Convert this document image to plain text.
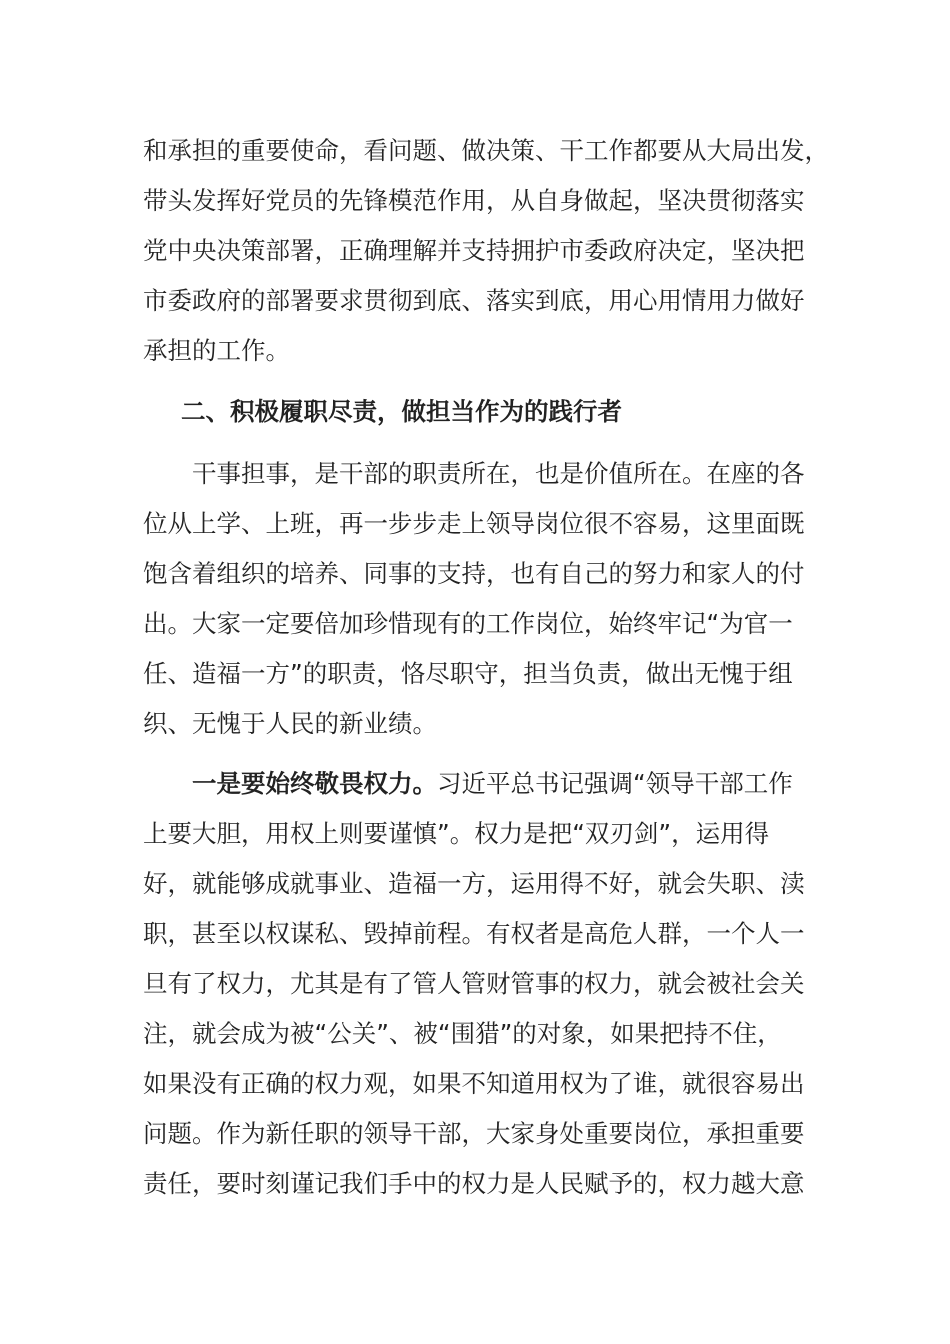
和承担的重要使命，看问题、做决策、干工作都要从大局出发，
带头发挥好党员的先锋模范作用，从自身做起，坚决贯彻落实
党中央决策部署，正确理解并支持拥护市委政府决定，坚决把
市委政府的部署要求贯彻到底、落实到底，用心用情用力做好
承担的工作。
二、积极履职尽责，做担当作为的践行者
干事担事，是干部的职责所在，也是价值所在。在座的各
位从上学、上班，再一步步走上领导岗位很不容易，这里面既
饱含着组织的培养、同事的支持，也有自己的努力和家人的付
出。大家一定要倍加珍惜现有的工作岗位，始终牢记“为官一
任、造福一方”的职责，恪尽职守，担当负责，做出无愧于组
织、无愧于人民的新业绩。
一是要始终敬畏权力。习近平总书记强调“领导干部工作
上要大胆，用权上则要谨慎”。权力是把“双刃剑”，运用得
好，就能够成就事业、造福一方，运用得不好，就会失职、渎
职，甚至以权谋私、毁掉前程。有权者是高危人群，一个人一
旦有了权力，尤其是有了管人管财管事的权力，就会被社会关
注，就会成为被“公关”、被“围猎”的对象，如果把持不住，
如果没有正确的权力观，如果不知道用权为了谁，就很容易出
问题。作为新任职的领导干部，大家身处重要岗位，承担重要
责任，要时刻谨记我们手中的权力是人民赋予的，权力越大意
